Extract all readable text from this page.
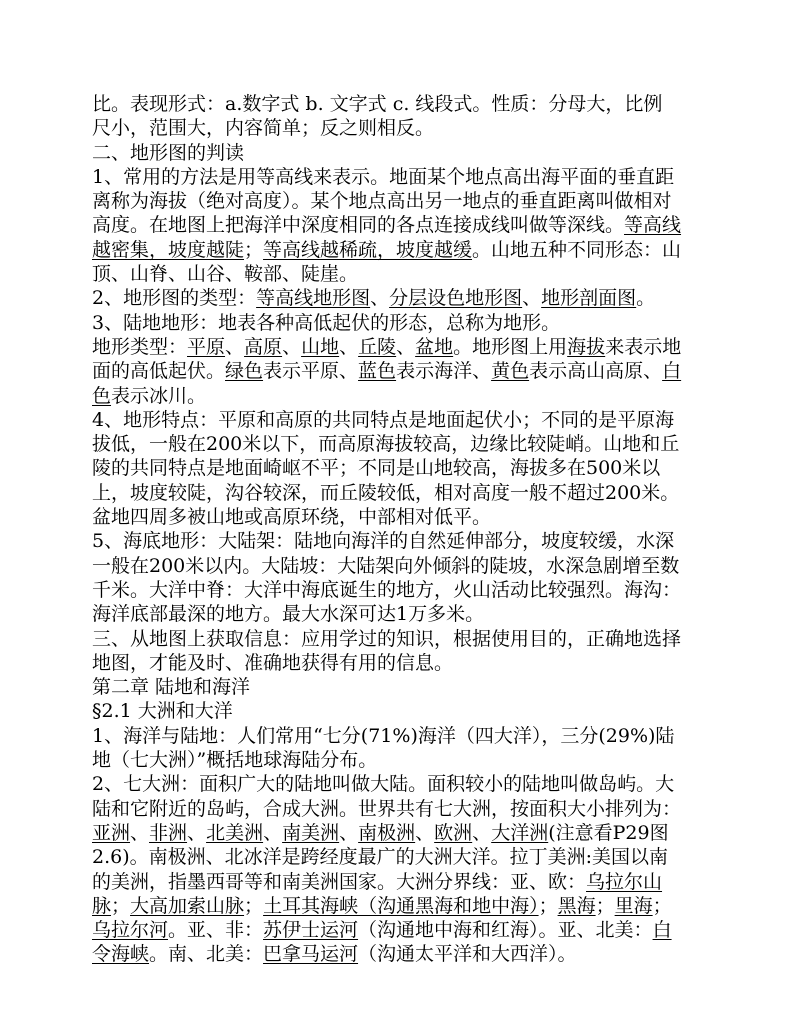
比。表现形式：a.数字式 b. 文字式 c. 线段式。性质：分母大，比例
尺小，范围大，内容简单；反之则相反。
二、地形图的判读
1、常用的方法是用等高线来表示。地面某个地点高出海平面的垂直距
离称为海拔（绝对高度）。某个地点高出另一地点的垂直距离叫做相对
高度。在地图上把海洋中深度相同的各点连接成线叫做等深线。等高线
越密集，坡度越陡；等高线越稀疏，坡度越缓。山地五种不同形态：山
顶、山脊、山谷、鞍部、陡崖。
2、地形图的类型：等高线地形图、分层设色地形图、地形剖面图。
3、陆地地形：地表各种高低起伏的形态，总称为地形。
地形类型：平原、高原、山地、丘陵、盆地。地形图上用海拔来表示地
面的高低起伏。绿色表示平原、蓝色表示海洋、黄色表示高山高原、白
色表示冰川。
4、地形特点：平原和高原的共同特点是地面起伏小；不同的是平原海
拔低，一般在200米以下，而高原海拔较高，边缘比较陡峭。山地和丘
陵的共同特点是地面崎岖不平；不同是山地较高，海拔多在500米以
上，坡度较陡，沟谷较深，而丘陵较低，相对高度一般不超过200米。
盆地四周多被山地或高原环绕，中部相对低平。
5、海底地形：大陆架：陆地向海洋的自然延伸部分，坡度较缓，水深
一般在200米以内。大陆坡：大陆架向外倾斜的陡坡，水深急剧增至数
千米。大洋中脊：大洋中海底诞生的地方，火山活动比较强烈。海沟：
海洋底部最深的地方。最大水深可达1万多米。
三、从地图上获取信息：应用学过的知识，根据使用目的，正确地选择
地图，才能及时、准确地获得有用的信息。
第二章 陆地和海洋
§2.1 大洲和大洋
1、海洋与陆地：人们常用“七分(71%)海洋（四大洋），三分(29%)陆
地（七大洲）”概括地球海陆分布。
2、七大洲：面积广大的陆地叫做大陆。面积较小的陆地叫做岛屿。大
陆和它附近的岛屿，合成大洲。世界共有七大洲，按面积大小排列为：
亚洲、非洲、北美洲、南美洲、南极洲、欧洲、大洋洲(注意看P29图
2.6)。南极洲、北冰洋是跨经度最广的大洲大洋。拉丁美洲:美国以南
的美洲，指墨西哥等和南美洲国家。大洲分界线：亚、欧：乌拉尔山
脉；大高加索山脉；土耳其海峡（沟通黑海和地中海）；黑海；里海；
乌拉尔河。亚、非：苏伊士运河（沟通地中海和红海）。亚、北美：白
令海峡。南、北美：巴拿马运河（沟通太平洋和大西洋）。
